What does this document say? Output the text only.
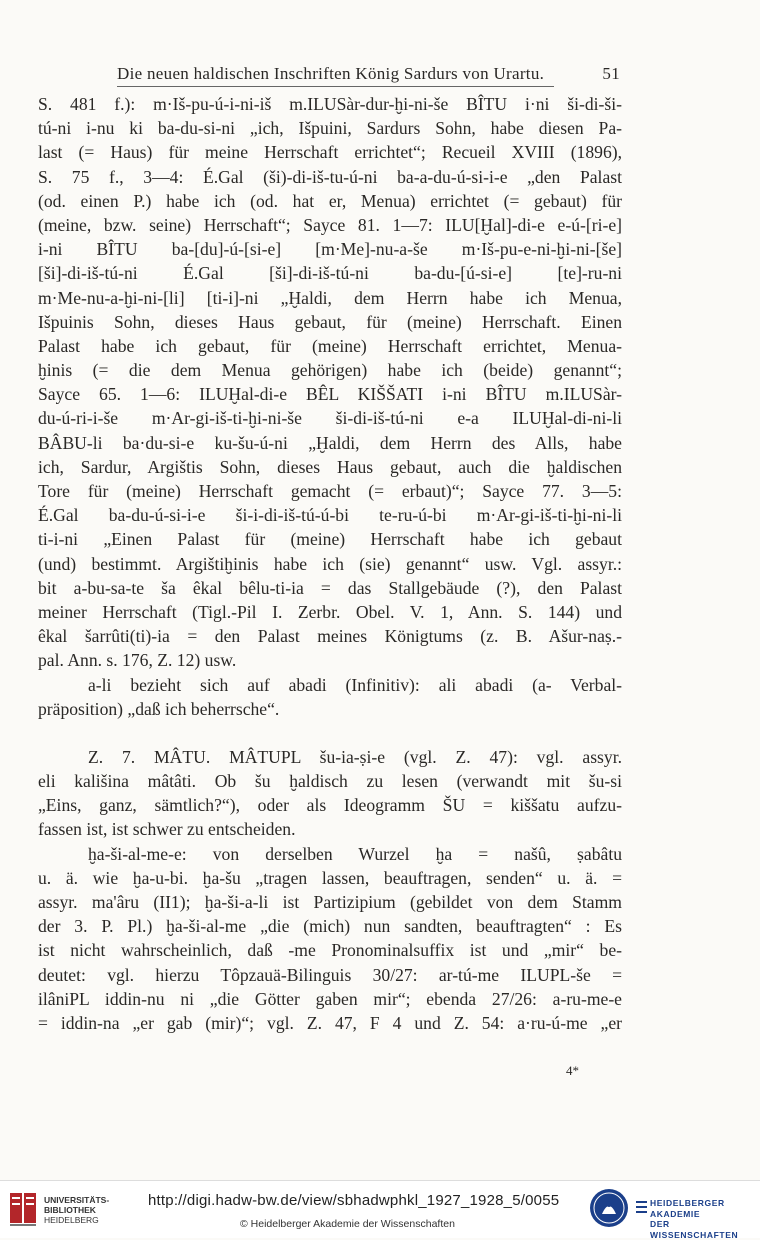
Die neuen haldischen Inschriften König Sardurs von Urartu.	51
S. 481 f.): m·Iš-pu-ú-i-ni-iš m.ILUSàr-dur-ḫi-ni-še BÎTU i·ni ši-di-ši-
tú-ni i-nu ki ba-du-si-ni „ich, Išpuini, Sardurs Sohn, habe diesen Pa-
last (= Haus) für meine Herrschaft errichtet“; Recueil XVIII (1896),
S. 75 f., 3—4: É.Gal (ši)-di-iš-tu-ú-ni ba-a-du-ú-si-i-e „den Palast
(od. einen P.) habe ich (od. hat er, Menua) errichtet (= gebaut) für
(meine, bzw. seine) Herrschaft“; Sayce 81. 1—7: ILU[Ḫal]-di-e e-ú-[ri-e]
i-ni BÎTU ba-[du]-ú-[si-e] [m·Me]-nu-a-še m·Iš-pu-e-ni-ḫi-ni-[še]
[ši]-di-iš-tú-ni É.Gal [ši]-di-iš-tú-ni ba-du-[ú-si-e] [te]-ru-ni
m·Me-nu-a-ḫi-ni-[li] [ti-i]-ni „Ḫaldi, dem Herrn habe ich Menua,
Išpuinis Sohn, dieses Haus gebaut, für (meine) Herrschaft. Einen
Palast habe ich gebaut, für (meine) Herrschaft errichtet, Menua-
ḫinis (= die dem Menua gehörigen) habe ich (beide) genannt“;
Sayce 65. 1—6: ILUḪal-di-e BÊL KIŠŠATI i-ni BÎTU m.ILUSàr-
du-ú-ri-i-še m·Ar-gi-iš-ti-ḫi-ni-še ši-di-iš-tú-ni e-a ILUḪal-di-ni-li
BÂBU-li ba·du-si-e ku-šu-ú-ni „Ḫaldi, dem Herrn des Alls, habe
ich, Sardur, Argištis Sohn, dieses Haus gebaut, auch die ḫaldischen
Tore für (meine) Herrschaft gemacht (= erbaut)“; Sayce 77. 3—5:
É.Gal ba-du-ú-si-i-e ši-i-di-iš-tú-ú-bi te-ru-ú-bi m·Ar-gi-iš-ti-ḫi-ni-li
ti-i-ni „Einen Palast für (meine) Herrschaft habe ich gebaut
(und) bestimmt. Argištiḫinis habe ich (sie) genannt“ usw. Vgl. assyr.:
bit a-bu-sa-te ša êkal bêlu-ti-ia = das Stallgebäude (?), den Palast
meiner Herrschaft (Tigl.-Pil I. Zerbr. Obel. V. 1, Ann. S. 144) und
êkal šarrûti(ti)-ia = den Palast meines Königtums (z. B. Ašur-naṣ.-
pal. Ann. s. 176, Z. 12) usw.
a-li bezieht sich auf abadi (Infinitiv): ali abadi (a- Verbal-
präposition) „daß ich beherrsche“.
Z. 7. MÂTU. MÂTUPL šu-ia-ṣi-e (vgl. Z. 47): vgl. assyr.
eli kališina mâtâti. Ob šu ḫaldisch zu lesen (verwandt mit šu-si
„Eins, ganz, sämtlich?“), oder als Ideogramm ŠU = kiššatu aufzu-
fassen ist, ist schwer zu entscheiden.
ḫa-ši-al-me-e: von derselben Wurzel ḫa = našû, ṣabâtu
u. ä. wie ḫa-u-bi. ḫa-šu „tragen lassen, beauftragen, senden“ u. ä. =
assyr. ma'âru (II1); ḫa-ši-a-li ist Partizipium (gebildet von dem Stamm
der 3. P. Pl.) ḫa-ši-al-me „die (mich) nun sandten, beauftragten“ : Es
ist nicht wahrscheinlich, daß -me Pronominalsuffix ist und „mir“ be-
deutet: vgl. hierzu Tôpzauä-Bilinguis 30/27: ar-tú-me ILUPL-še =
ilâniPL iddin-nu ni „die Götter gaben mir“; ebenda 27/26: a-ru-me-e
= iddin-na „er gab (mir)“; vgl. Z. 47, F 4 und Z. 54: a·ru-ú-me „er
4*
UNIVERSITÄTS-
BIBLIOTHEK
HEIDELBERG
http://digi.hadw-bw.de/view/sbhadwphkl_1927_1928_5/0055
© Heidelberger Akademie der Wissenschaften
HEIDELBERGER AKADEMIE
DER WISSENSCHAFTEN
